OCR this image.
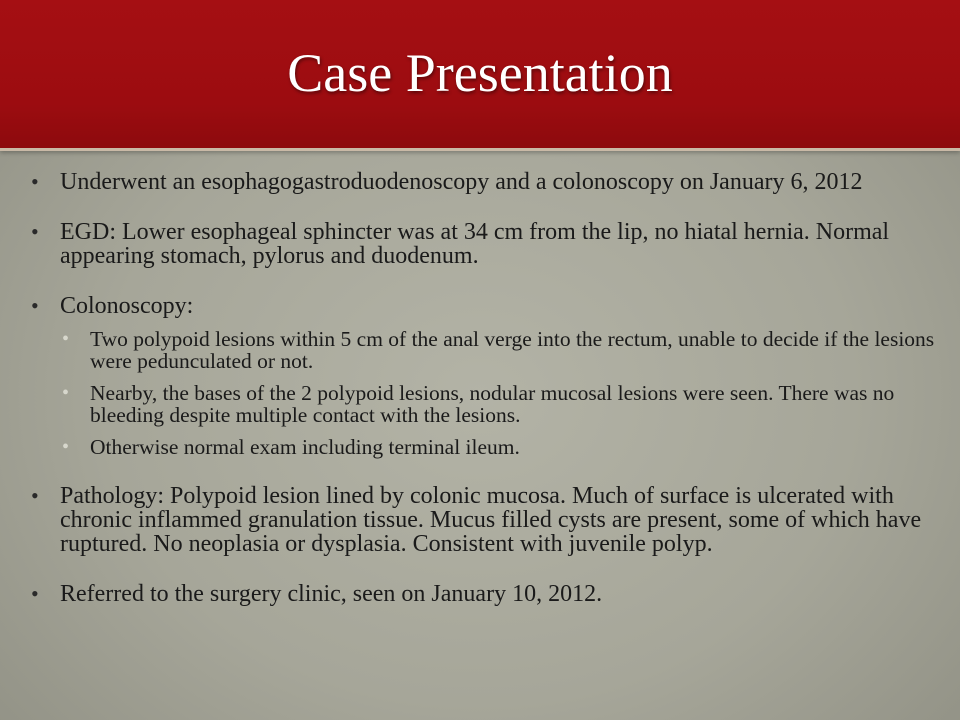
Case Presentation
• Underwent an esophagogastroduodenoscopy and a colonoscopy on January 6, 2012
• EGD: Lower esophageal sphincter was at 34 cm from the lip, no hiatal hernia. Normal appearing stomach, pylorus and duodenum.
• Colonoscopy:
• Two polypoid lesions within 5 cm of the anal verge into the rectum, unable to decide if the lesions were pedunculated or not.
• Nearby, the bases of the 2 polypoid lesions, nodular mucosal lesions were seen. There was no bleeding despite multiple contact with the lesions.
• Otherwise normal exam including terminal ileum.
• Pathology: Polypoid lesion lined by colonic mucosa. Much of surface is ulcerated with chronic inflammed granulation tissue. Mucus filled cysts are present, some of which have ruptured. No neoplasia or dysplasia. Consistent with juvenile polyp.
• Referred to the surgery clinic, seen on January 10, 2012.
